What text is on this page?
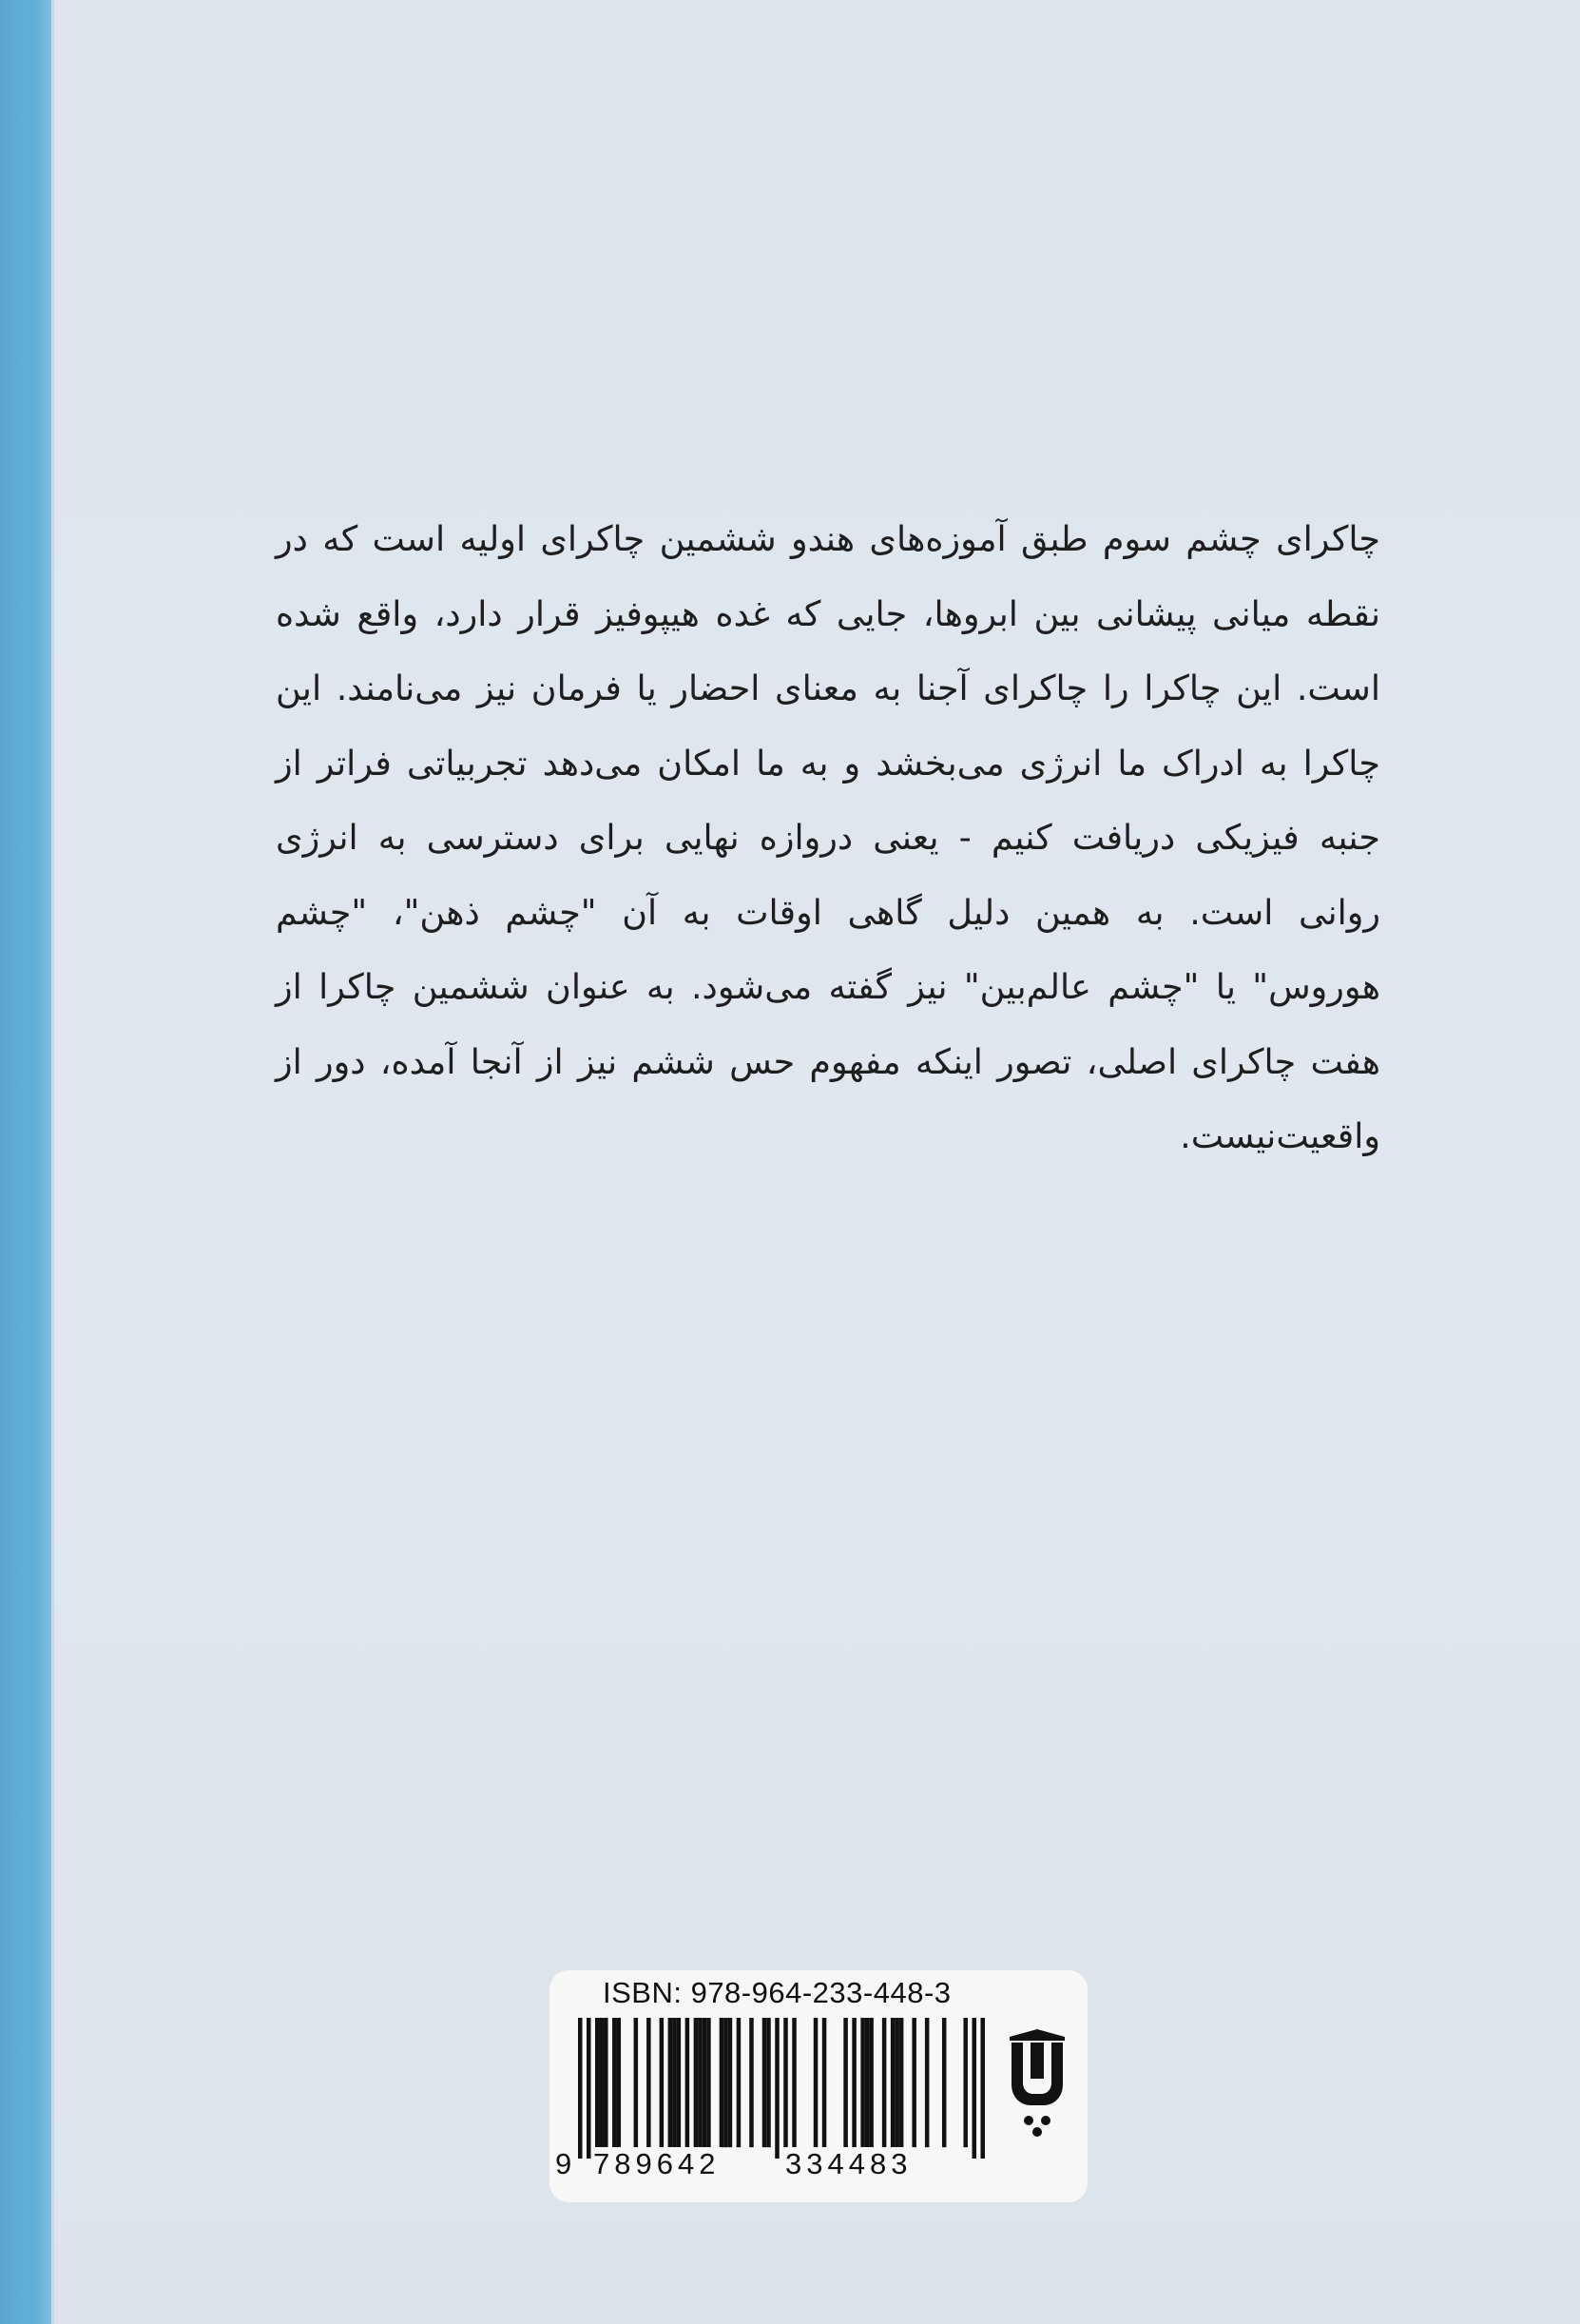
چاکرای چشم سوم طبق آموزه‌های هندو ششمین چاکرای اولیه است که در نقطه میانی پیشانی بین ابروها، جایی که غده هیپوفیز قرار دارد، واقع شده است. این چاکرا را چاکرای آجنا به معنای احضار یا فرمان نیز می‌نامند. این چاکرا به ادراک ما انرژی می‌بخشد و به ما امکان می‌دهد تجربیاتی فراتر از جنبه فیزیکی دریافت کنیم - یعنی دروازه نهایی برای دسترسی به انرژی روانی است. به همین دلیل گاهی اوقات به آن "چشم ذهن"، "چشم هوروس" یا "چشم عالم‌بین" نیز گفته می‌شود. به عنوان ششمین چاکرا از هفت چاکرای اصلی، تصور اینکه مفهوم حس ششم نیز از آنجا آمده، دور از واقعیت‌نیست.

ISBN: 978-964-233-448-3
9 789642 334483
